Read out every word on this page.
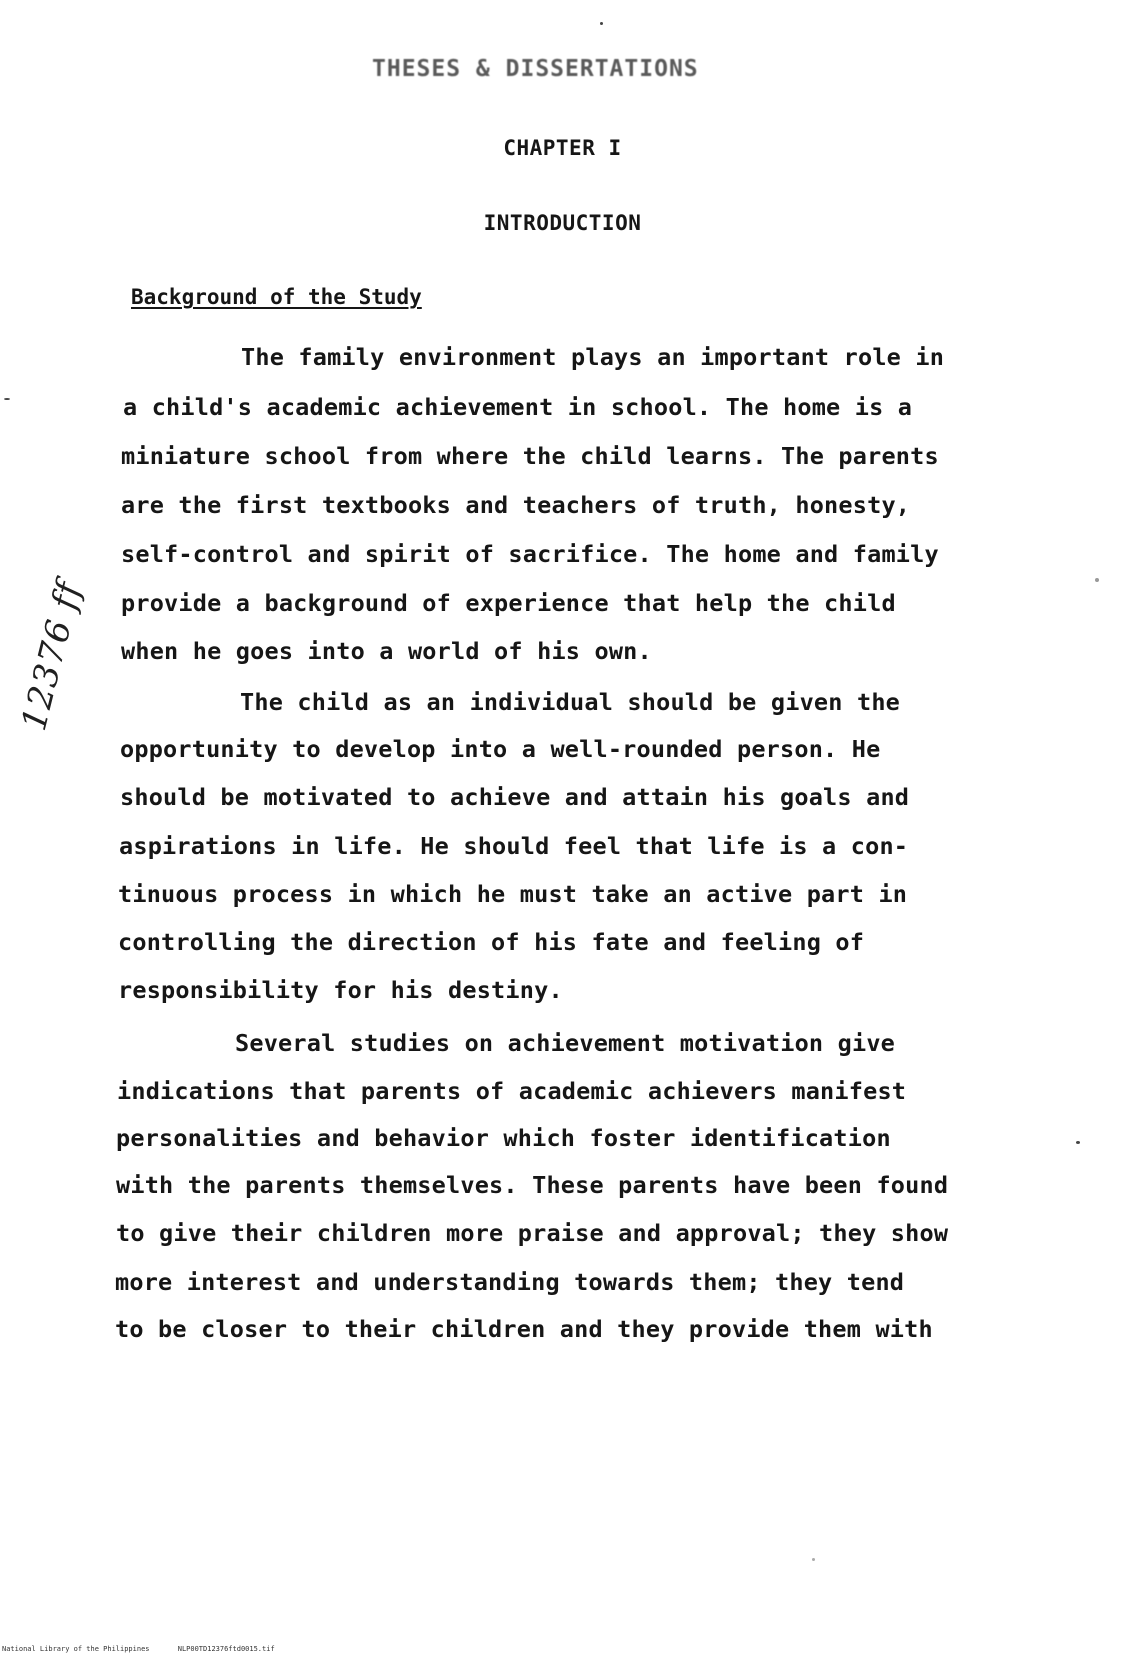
THESES & DISSERTATIONS
CHAPTER I
INTRODUCTION
Background of the Study
The family environment plays an important role in
a child's academic achievement in school. The home is a
miniature school from where the child learns. The parents
are the first textbooks and teachers of truth, honesty,
self-control and spirit of sacrifice. The home and family
provide a background of experience that help the child
when he goes into a world of his own.
The child as an individual should be given the
opportunity to develop into a well-rounded person. He
should be motivated to achieve and attain his goals and
aspirations in life. He should feel that life is a con-
tinuous process in which he must take an active part in
controlling the direction of his fate and feeling of
responsibility for his destiny.
Several studies on achievement motivation give
indications that parents of academic achievers manifest
personalities and behavior which foster identification
with the parents themselves. These parents have been found
to give their children more praise and approval; they show
more interest and understanding towards them; they tend
to be closer to their children and they provide them with
12376 ff
National Library of the Philippines	NLP00TD12376ftd0015.tif
